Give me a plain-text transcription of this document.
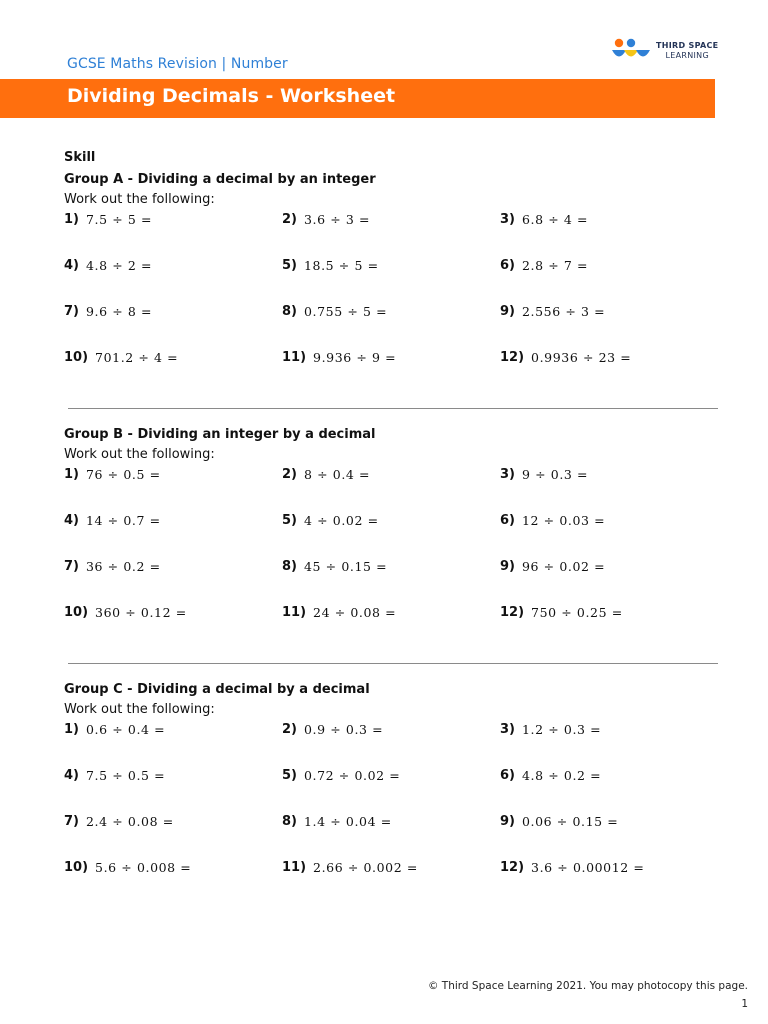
GCSE Maths Revision | Number
THIRD SPACE
LEARNING
Dividing Decimals - Worksheet
Skill
Group A - Dividing a decimal by an integer
Work out the following:
1) 7.5 ÷ 5 =	2) 3.6 ÷ 3 =	3) 6.8 ÷ 4 =
4) 4.8 ÷ 2 =	5) 18.5 ÷ 5 =	6) 2.8 ÷ 7 =
7) 9.6 ÷ 8 =	8) 0.755 ÷ 5 =	9) 2.556 ÷ 3 =
10) 701.2 ÷ 4 =	11) 9.936 ÷ 9 =	12) 0.9936 ÷ 23 =
Group B - Dividing an integer by a decimal
Work out the following:
1) 76 ÷ 0.5 =	2) 8 ÷ 0.4 =	3) 9 ÷ 0.3 =
4) 14 ÷ 0.7 =	5) 4 ÷ 0.02 =	6) 12 ÷ 0.03 =
7) 36 ÷ 0.2 =	8) 45 ÷ 0.15 =	9) 96 ÷ 0.02 =
10) 360 ÷ 0.12 =	11) 24 ÷ 0.08 =	12) 750 ÷ 0.25 =
Group C - Dividing a decimal by a decimal
Work out the following:
1) 0.6 ÷ 0.4 =	2) 0.9 ÷ 0.3 =	3) 1.2 ÷ 0.3 =
4) 7.5 ÷ 0.5 =	5) 0.72 ÷ 0.02 =	6) 4.8 ÷ 0.2 =
7) 2.4 ÷ 0.08 =	8) 1.4 ÷ 0.04 =	9) 0.06 ÷ 0.15 =
10) 5.6 ÷ 0.008 =	11) 2.66 ÷ 0.002 =	12) 3.6 ÷ 0.00012 =
© Third Space Learning 2021. You may photocopy this page.
1
